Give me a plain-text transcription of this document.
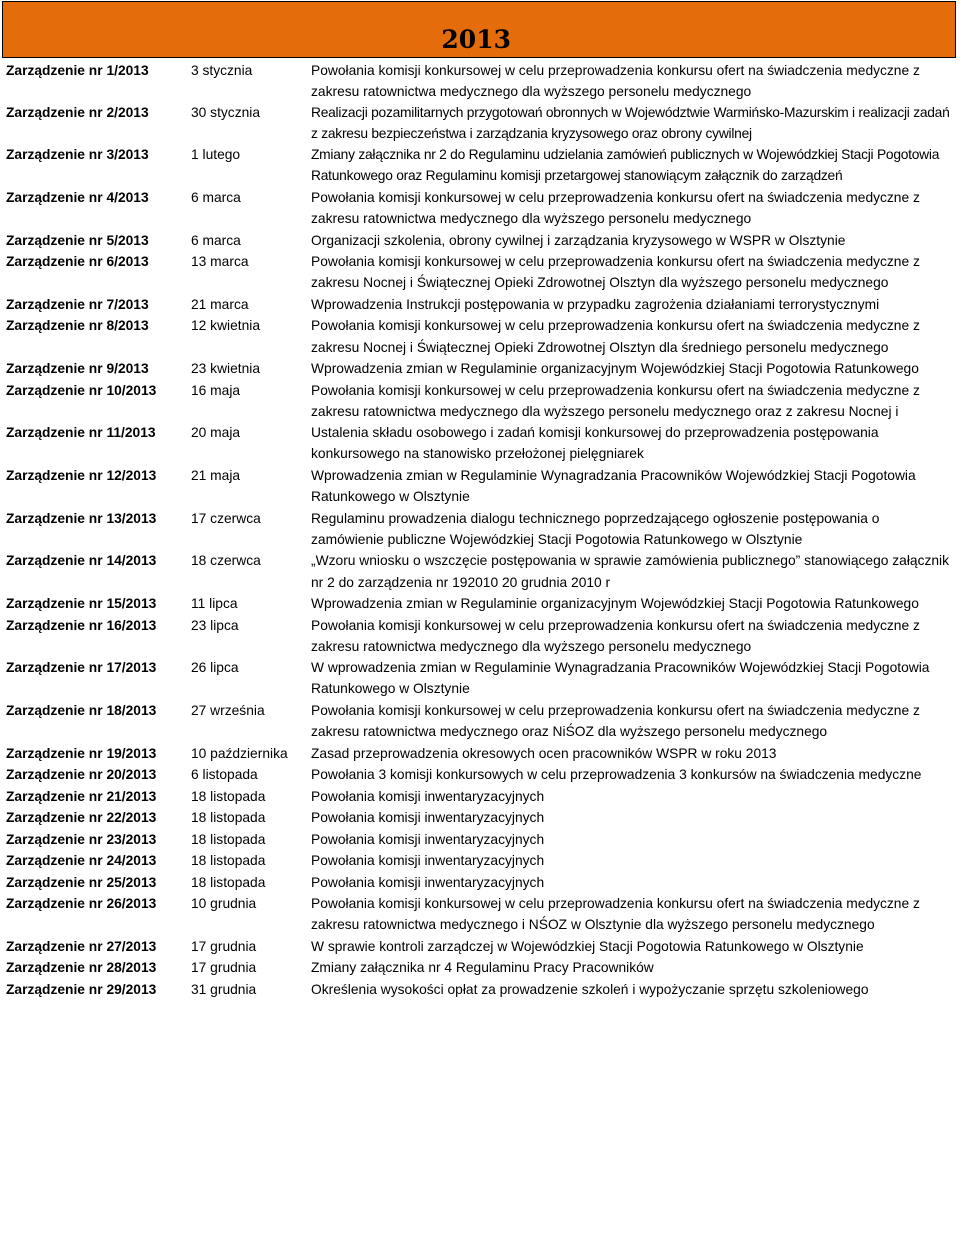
2013
Zarządzenie nr 1/2013	3 stycznia	Powołania komisji konkursowej w celu przeprowadzenia konkursu ofert na świadczenia medyczne z zakresu ratownictwa medycznego dla wyższego personelu medycznego
Zarządzenie nr 2/2013	30 stycznia	Realizacji pozamilitarnych przygotowań obronnych w Województwie Warmińsko-Mazurskim i realizacji zadań z zakresu bezpieczeństwa i zarządzania kryzysowego oraz obrony cywilnej
Zarządzenie nr 3/2013	1 lutego	Zmiany załącznika nr 2 do Regulaminu udzielania zamówień publicznych w Wojewódzkiej Stacji Pogotowia Ratunkowego oraz Regulaminu komisji przetargowej stanowiącym załącznik do zarządzeń
Zarządzenie nr 4/2013	6 marca	Powołania komisji konkursowej w celu przeprowadzenia konkursu ofert na świadczenia medyczne z zakresu ratownictwa medycznego dla wyższego personelu medycznego
Zarządzenie nr 5/2013	6 marca	Organizacji szkolenia, obrony cywilnej i zarządzania kryzysowego w WSPR w Olsztynie
Zarządzenie nr 6/2013	13 marca	Powołania komisji konkursowej w celu przeprowadzenia konkursu ofert na świadczenia medyczne z zakresu Nocnej i Świątecznej Opieki Zdrowotnej Olsztyn dla wyższego personelu medycznego
Zarządzenie nr 7/2013	21 marca	Wprowadzenia Instrukcji postępowania w przypadku zagrożenia działaniami terrorystycznymi
Zarządzenie nr 8/2013	12 kwietnia	Powołania komisji konkursowej w celu przeprowadzenia konkursu ofert na świadczenia medyczne z zakresu Nocnej i Świątecznej Opieki Zdrowotnej Olsztyn dla średniego personelu medycznego
Zarządzenie nr 9/2013	23 kwietnia	Wprowadzenia zmian w Regulaminie organizacyjnym Wojewódzkiej Stacji Pogotowia Ratunkowego
Zarządzenie nr 10/2013	16 maja	Powołania komisji konkursowej w celu przeprowadzenia konkursu ofert na świadczenia medyczne z zakresu ratownictwa medycznego dla wyższego personelu medycznego oraz z zakresu Nocnej i
Zarządzenie nr 11/2013	20 maja	Ustalenia składu osobowego i zadań komisji konkursowej do przeprowadzenia postępowania konkursowego na stanowisko przełożonej pielęgniarek
Zarządzenie nr 12/2013	21 maja	Wprowadzenia zmian w Regulaminie Wynagradzania Pracowników Wojewódzkiej Stacji Pogotowia Ratunkowego w Olsztynie
Zarządzenie nr 13/2013	17 czerwca	Regulaminu prowadzenia dialogu technicznego poprzedzającego ogłoszenie postępowania o zamówienie publiczne Wojewódzkiej Stacji Pogotowia Ratunkowego w Olsztynie
Zarządzenie nr 14/2013	18 czerwca	„Wzoru wniosku o wszczęcie postępowania w sprawie zamówienia publicznego” stanowiącego załącznik nr 2 do zarządzenia nr 192010 20 grudnia 2010 r
Zarządzenie nr 15/2013	11 lipca	Wprowadzenia zmian w Regulaminie organizacyjnym Wojewódzkiej Stacji Pogotowia Ratunkowego
Zarządzenie nr 16/2013	23 lipca	Powołania komisji konkursowej w celu przeprowadzenia konkursu ofert na świadczenia medyczne z zakresu ratownictwa medycznego dla wyższego personelu medycznego
Zarządzenie nr 17/2013	26 lipca	W wprowadzenia zmian w Regulaminie Wynagradzania Pracowników Wojewódzkiej Stacji Pogotowia Ratunkowego w Olsztynie
Zarządzenie nr 18/2013	27 września	Powołania komisji konkursowej w celu przeprowadzenia konkursu ofert na świadczenia medyczne z zakresu ratownictwa medycznego oraz NiŚOZ dla wyższego personelu medycznego
Zarządzenie nr 19/2013	10 października	Zasad przeprowadzenia okresowych ocen pracowników WSPR w roku 2013
Zarządzenie nr 20/2013	6 listopada	Powołania 3 komisji konkursowych w celu przeprowadzenia 3 konkursów na świadczenia medyczne
Zarządzenie nr 21/2013	18 listopada	Powołania komisji inwentaryzacyjnych
Zarządzenie nr 22/2013	18 listopada	Powołania komisji inwentaryzacyjnych
Zarządzenie nr 23/2013	18 listopada	Powołania komisji inwentaryzacyjnych
Zarządzenie nr 24/2013	18 listopada	Powołania komisji inwentaryzacyjnych
Zarządzenie nr 25/2013	18 listopada	Powołania komisji inwentaryzacyjnych
Zarządzenie nr 26/2013	10 grudnia	Powołania komisji konkursowej w celu przeprowadzenia konkursu ofert na świadczenia medyczne z zakresu ratownictwa medycznego i NŚOZ w Olsztynie dla wyższego personelu medycznego
Zarządzenie nr 27/2013	17 grudnia	W sprawie kontroli zarządczej w Wojewódzkiej Stacji Pogotowia Ratunkowego w Olsztynie
Zarządzenie nr 28/2013	17 grudnia	Zmiany załącznika nr 4 Regulaminu Pracy Pracowników
Zarządzenie nr 29/2013	31 grudnia	Określenia wysokości opłat za prowadzenie szkoleń i wypożyczanie sprzętu szkoleniowego
